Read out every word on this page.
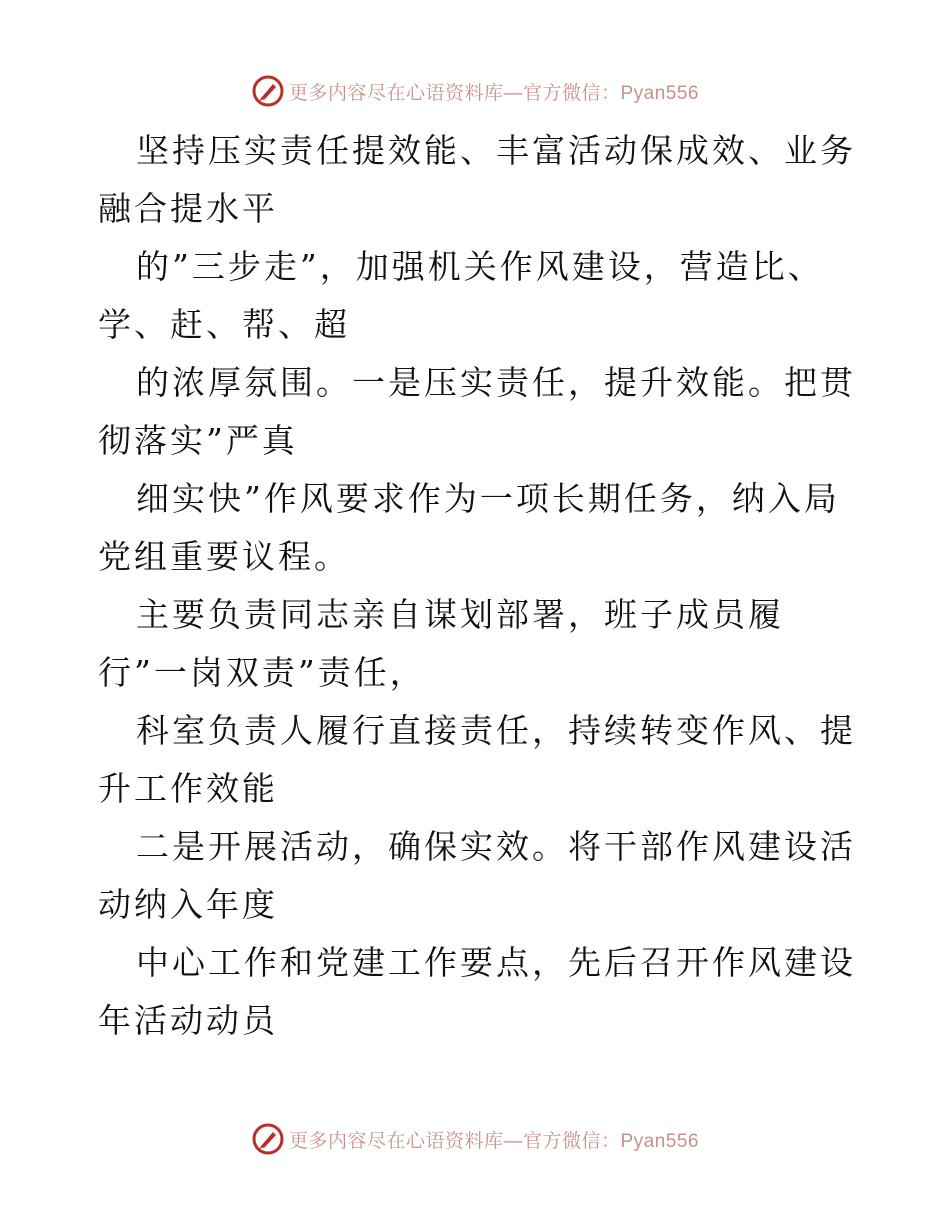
更多内容尽在心语资料库—官方微信：Pyan556

坚持压实责任提效能、丰富活动保成效、业务融合提水平

的”三步走”，加强机关作风建设，营造比、学、赶、帮、超

的浓厚氛围。一是压实责任，提升效能。把贯彻落实”严真

细实快”作风要求作为一项长期任务，纳入局党组重要议程。

主要负责同志亲自谋划部署，班子成员履行”一岗双责”责任，

科室负责人履行直接责任，持续转变作风、提升工作效能

二是开展活动，确保实效。将干部作风建设活动纳入年度

中心工作和党建工作要点，先后召开作风建设年活动动员

更多内容尽在心语资料库—官方微信：Pyan556
